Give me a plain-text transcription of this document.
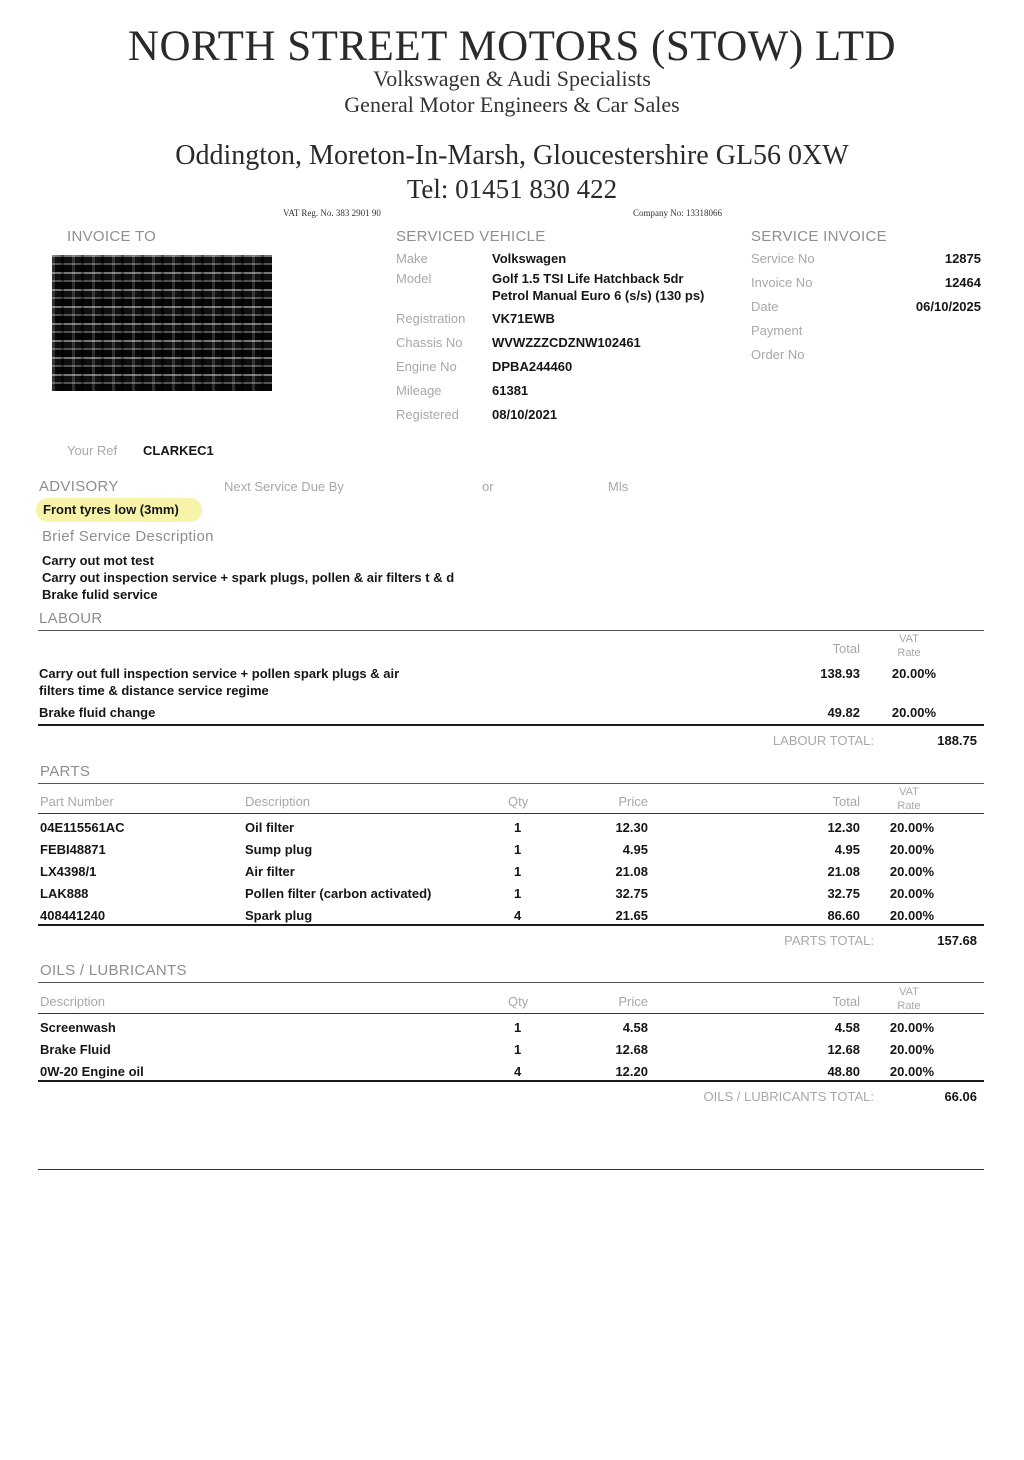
NORTH STREET MOTORS (STOW) LTD
Volkswagen & Audi Specialists
General Motor Engineers & Car Sales
Oddington, Moreton-In-Marsh, Gloucestershire GL56 0XW
Tel: 01451 830 422
VAT Reg. No. 383 2901 90	Company No: 13318066
INVOICE TO	SERVICED VEHICLE
Make	Volkswagen
Model	Golf 1.5 TSI Life Hatchback 5dr
Petrol Manual Euro 6 (s/s) (130 ps)
Registration VK71EWB
Chassis No WVWZZZCDZNW102461
Engine No	DPBA244460
Mileage	61381
Registered	08/10/2021
SERVICE INVOICE
Service No	12875
Invoice No	12464
Date	06/10/2025
Payment
Order No
Your Ref CLARKEC1
ADVISORY	Next Service Due By	or	Mls
Front tyres low (3mm)
Brief Service Description
Carry out mot test
Carry out inspection service + spark plugs, pollen & air filters t & d
Brake fulid service
LABOUR
Total
VAT
Rate
Carry out full inspection service + pollen spark plugs & air
filters time & distance service regime
138.93	20.00%
Brake fluid change	49.82	20.00%
LABOUR TOTAL:	188.75
PARTS
Part Number	Description	Qty	Price	Total
VAT
Rate
04E115561AC	Oil filter	1	12.30	12.30	20.00%
FEBI48871	Sump plug	1	4.95	4.95	20.00%
LX4398/1	Air filter	1	21.08	21.08	20.00%
LAK888	Pollen filter (carbon activated)	1	32.75	32.75	20.00%
408441240	Spark plug	4	21.65	86.60	20.00%
PARTS TOTAL:	157.68
OILS / LUBRICANTS
Description	Qty	Price	Total
VAT
Rate
Screenwash	1	4.58	4.58	20.00%
Brake Fluid	1	12.68	12.68	20.00%
0W-20 Engine oil	4	12.20	48.80	20.00%
OILS / LUBRICANTS TOTAL:	66.06
